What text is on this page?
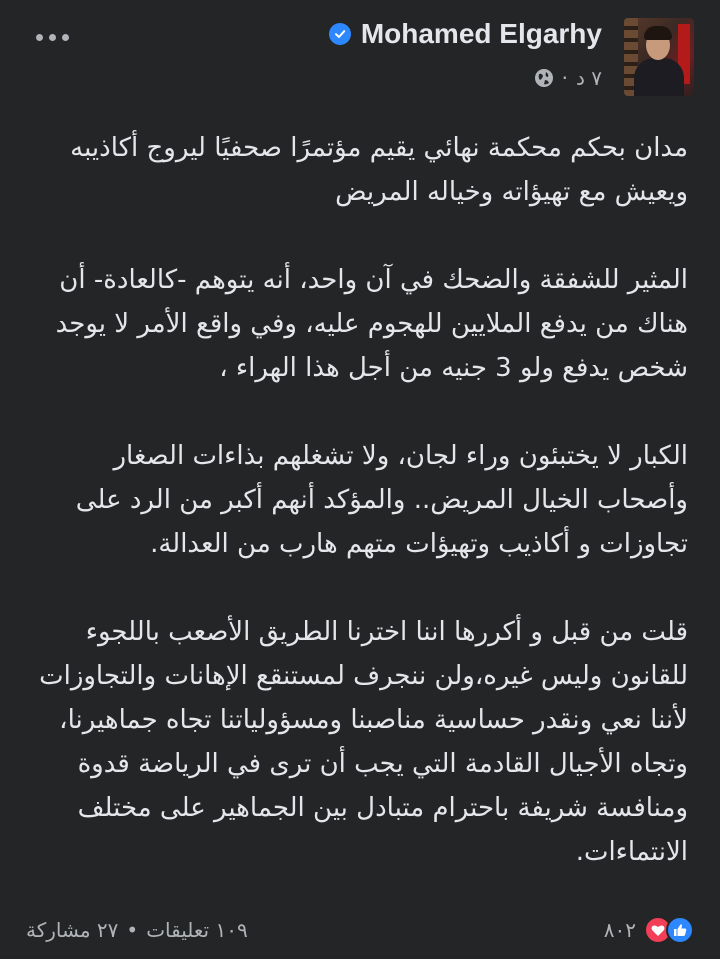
Mohamed Elgarhy
· ٧ د

مدان بحكم محكمة نهائي يقيم مؤتمرًا صحفيًا ليروج أكاذيبه ويعيش مع تهيؤاته وخياله المريض

المثير للشفقة والضحك في آن واحد، أنه يتوهم -كالعادة- أن هناك من يدفع الملايين للهجوم عليه، وفي واقع الأمر لا يوجد شخص يدفع ولو 3 جنيه من أجل هذا الهراء ،

الكبار لا يختبئون وراء لجان، ولا تشغلهم بذاءات الصغار وأصحاب الخيال المريض.. والمؤكد أنهم أكبر من الرد على تجاوزات و أكاذيب وتهيؤات متهم هارب من العدالة.

قلت من قبل و أكررها اننا اخترنا الطريق الأصعب باللجوء للقانون وليس غيره،ولن ننجرف لمستنقع الإهانات والتجاوزات لأننا نعي ونقدر حساسية مناصبنا ومسؤولياتنا تجاه جماهيرنا، وتجاه الأجيال القادمة التي يجب أن ترى في الرياضة قدوة ومنافسة شريفة باحترام متبادل بين الجماهير على مختلف الانتماءات.

٨٠٢
١٠٩ تعليقات
•
٢٧ مشاركة
